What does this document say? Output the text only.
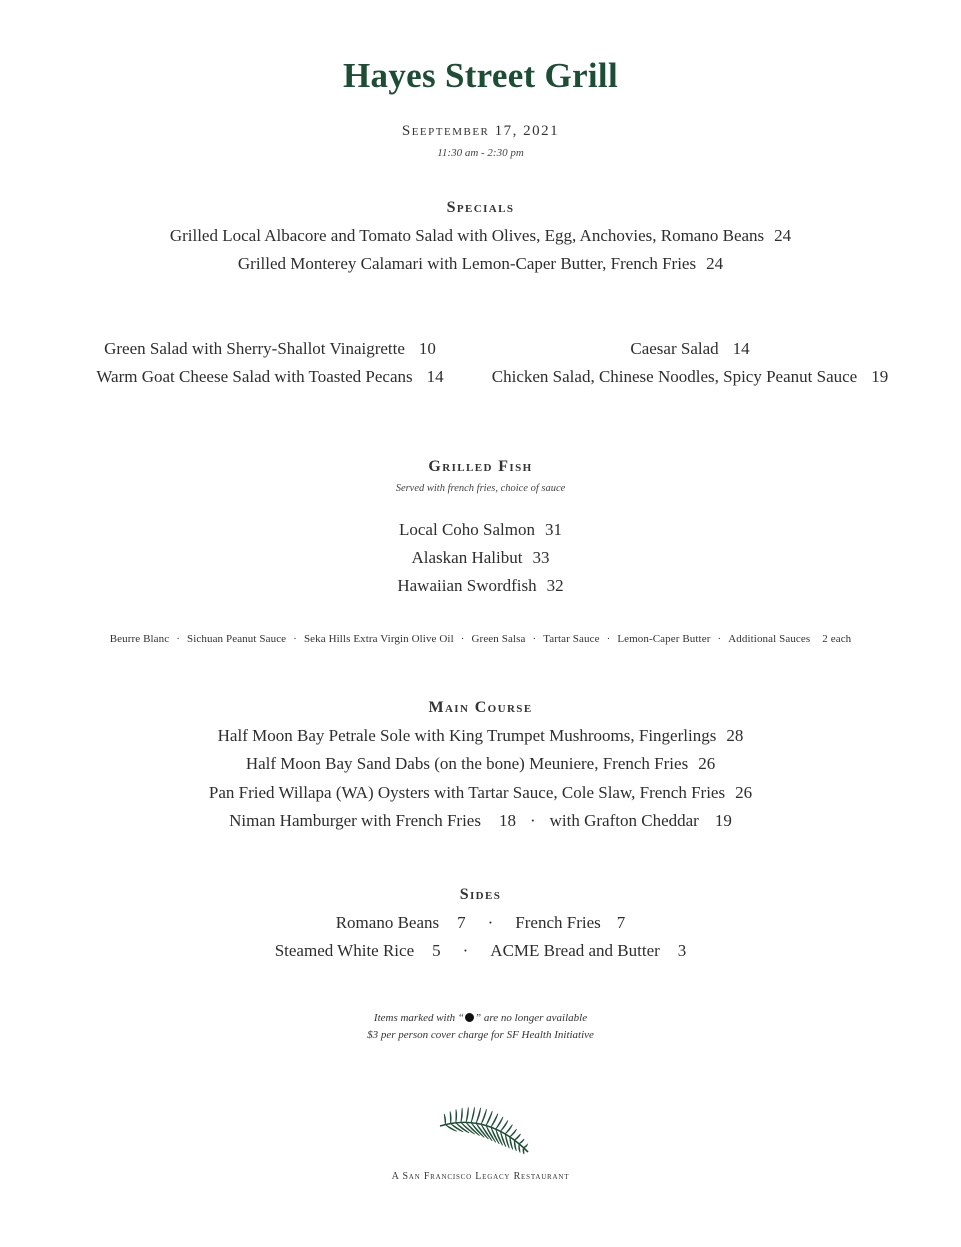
Hayes Street Grill
Seeptember 17, 2021
11:30 am - 2:30 pm
Specials
Grilled Local Albacore and Tomato Salad with Olives, Egg, Anchovies, Romano Beans 24
Grilled Monterey Calamari with Lemon-Caper Butter, French Fries 24
Green Salad with Sherry-Shallot Vinaigrette 10
Warm Goat Cheese Salad with Toasted Pecans 14
Caesar Salad 14
Chicken Salad, Chinese Noodles, Spicy Peanut Sauce 19
Grilled Fish
Served with french fries, choice of sauce
Local Coho Salmon 31
Alaskan Halibut 33
Hawaiian Swordfish 32
Beurre Blanc · Sichuan Peanut Sauce · Seka Hills Extra Virgin Olive Oil · Green Salsa · Tartar Sauce · Lemon-Caper Butter · Additional Sauces 2 each
Main Course
Half Moon Bay Petrale Sole with King Trumpet Mushrooms, Fingerlings 28
Half Moon Bay Sand Dabs (on the bone) Meuniere, French Fries 26
Pan Fried Willapa (WA) Oysters with Tartar Sauce, Cole Slaw, French Fries 26
Niman Hamburger with French Fries 18 · with Grafton Cheddar 19
Sides
Romano Beans 7 · French Fries 7
Steamed White Rice 5 · ACME Bread and Butter 3
Items marked with “ ” are no longer available
$3 per person cover charge for SF Health Initiative
A San Francisco Legacy Restaurant
